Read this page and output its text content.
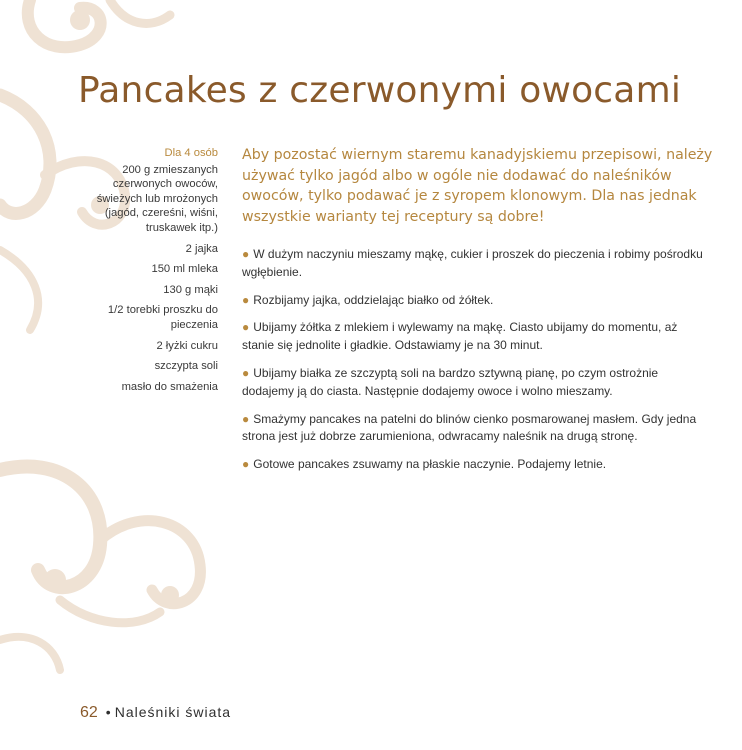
Pancakes z czerwonymi owocami
Dla 4 osób
200 g zmieszanych czerwonych owoców, świeżych lub mrożonych (jagód, czereśni, wiśni, truskawek itp.)
2 jajka
150 ml mleka
130 g mąki
1/2 torebki proszku do pieczenia
2 łyżki cukru
szczypta soli
masło do smażenia
Aby pozostać wiernym staremu kanadyjskiemu przepisowi, należy używać tylko jagód albo w ogóle nie dodawać do naleśników owoców, tylko podawać je z syropem klonowym. Dla nas jednak wszystkie warianty tej receptury są dobre!
● W dużym naczyniu mieszamy mąkę, cukier i proszek do pieczenia i robimy pośrodku wgłębienie.
● Rozbijamy jajka, oddzielając białko od żółtek.
● Ubijamy żółtka z mlekiem i wylewamy na mąkę. Ciasto ubijamy do momentu, aż stanie się jednolite i gładkie. Odstawiamy je na 30 minut.
● Ubijamy białka ze szczyptą soli na bardzo sztywną pianę, po czym ostrożnie dodajemy ją do ciasta. Następnie dodajemy owoce i wolno mieszamy.
● Smażymy pancakes na patelni do blinów cienko posmarowanej masłem. Gdy jedna strona jest już dobrze zarumieniona, odwracamy naleśnik na drugą stronę.
● Gotowe pancakes zsuwamy na płaskie naczynie. Podajemy letnie.
wedlinydomowe.pl
62 • Naleśniki świata
